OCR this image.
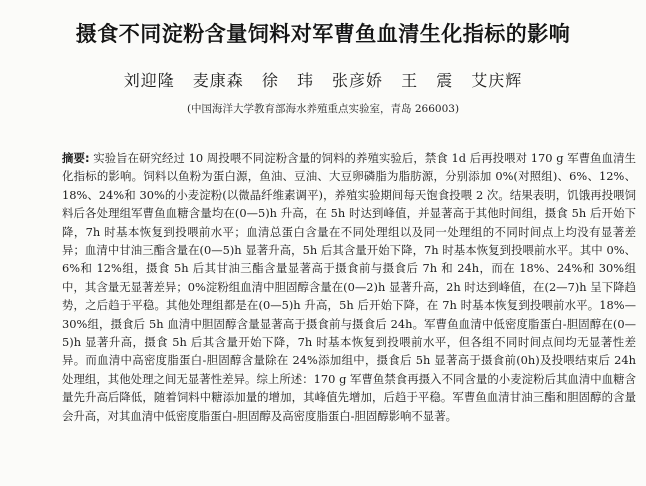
摄食不同淀粉含量饲料对军曹鱼血清生化指标的影响
刘迎隆 麦康森 徐 玮 张彦娇 王 震 艾庆辉
(中国海洋大学教育部海水养殖重点实验室，青岛 266003)
摘要: 实验旨在研究经过 10 周投喂不同淀粉含量的饲料的养殖实验后，禁食 1d 后再投喂对 170 g 军曹鱼血清生化指标的影响。饲料以鱼粉为蛋白源，鱼油、豆油、大豆卵磷脂为脂肪源，分别添加 0%(对照组)、6%、12%、18%、24%和 30%的小麦淀粉(以微晶纤维素调平)，养殖实验期间每天饱食投喂 2 次。结果表明，饥饿再投喂饲料后各处理组军曹鱼血糖含量均在(0—5)h 升高，在 5h 时达到峰值，并显著高于其他时间组，摄食 5h 后开始下降，7h 时基本恢复到投喂前水平；血清总蛋白含量在不同处理组以及同一处理组的不同时间点上均没有显著差异；血清中甘油三酯含量在(0—5)h 显著升高，5h 后其含量开始下降，7h 时基本恢复到投喂前水平。其中 0%、6%和 12%组，摄食 5h 后其甘油三酯含量显著高于摄食前与摄食后 7h 和 24h，而在 18%、24%和 30%组中，其含量无显著差异；0%淀粉组血清中胆固醇含量在(0—2)h 显著升高，2h 时达到峰值，在(2—7)h 呈下降趋势，之后趋于平稳。其他处理组都是在(0—5)h 升高，5h 后开始下降，在 7h 时基本恢复到投喂前水平。18%—30%组，摄食后 5h 血清中胆固醇含量显著高于摄食前与摄食后 24h。军曹鱼血清中低密度脂蛋白-胆固醇在(0—5)h 显著升高，摄食 5h 后其含量开始下降，7h 时基本恢复到投喂前水平，但各组不同时间点间均无显著性差异。而血清中高密度脂蛋白-胆固醇含量除在 24%添加组中，摄食后 5h 显著高于摄食前(0h)及投喂结束后 24h 处理组，其他处理之间无显著性差异。综上所述：170 g 军曹鱼禁食再摄入不同含量的小麦淀粉后其血清中血糖含量先升高后降低，随着饲料中糖添加量的增加，其峰值先增加，后趋于平稳。军曹鱼血清甘油三酯和胆固醇的含量会升高，对其血清中低密度脂蛋白-胆固醇及高密度脂蛋白-胆固醇影响不显著。
